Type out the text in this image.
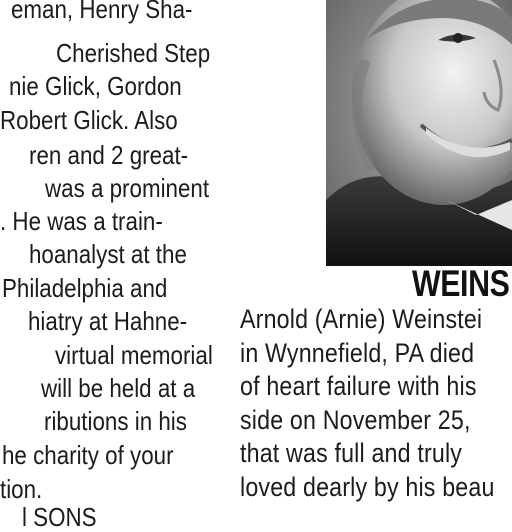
eman, Henry Sha-
Cherished Step
nie Glick, Gordon
Robert Glick. Also
ren and 2 great-
was a prominent
. He was a train-
hoanalyst at the
Philadelphia and
hiatry at Hahne-
virtual memorial
will be held at a
ributions in his
he charity of your
tion.
l SONS
WEINS
Arnold (Arnie) Weinstei
in Wynnefield, PA died
of heart failure with his
side on November 25,
that was full and truly
loved dearly by his beau
